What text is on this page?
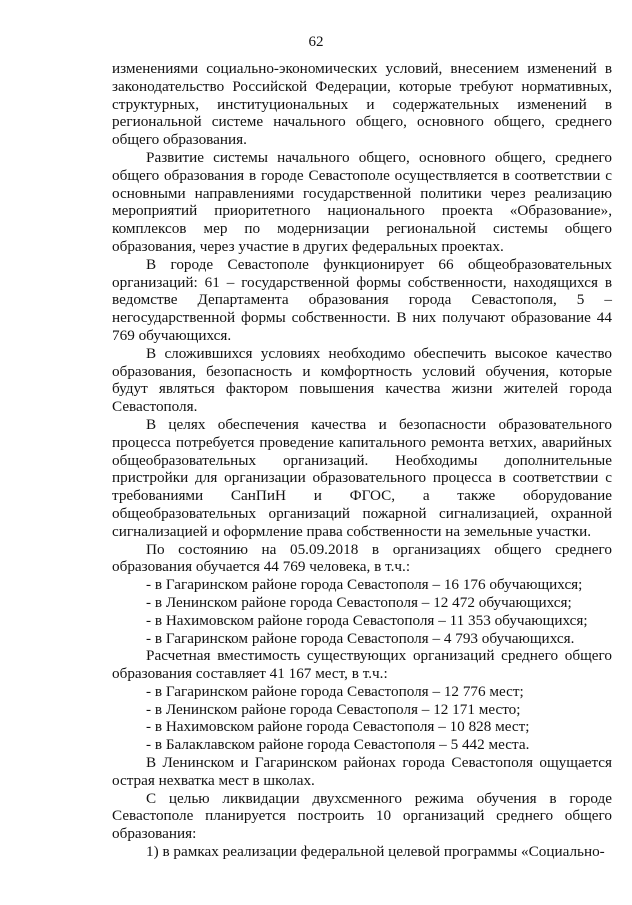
62

изменениями социально-экономических условий, внесением изменений в законодательство Российской Федерации, которые требуют нормативных, структурных, институциональных и содержательных изменений в региональной системе начального общего, основного общего, среднего общего образования.

Развитие системы начального общего, основного общего, среднего общего образования в городе Севастополе осуществляется в соответствии с основными направлениями государственной политики через реализацию мероприятий приоритетного национального проекта «Образование», комплексов мер по модернизации региональной системы общего образования, через участие в других федеральных проектах.

В городе Севастополе функционирует 66 общеобразовательных организаций: 61 – государственной формы собственности, находящихся в ведомстве Департамента образования города Севастополя, 5 – негосударственной формы собственности. В них получают образование 44 769 обучающихся.

В сложившихся условиях необходимо обеспечить высокое качество образования, безопасность и комфортность условий обучения, которые будут являться фактором повышения качества жизни жителей города Севастополя.

В целях обеспечения качества и безопасности образовательного процесса потребуется проведение капитального ремонта ветхих, аварийных общеобразовательных организаций. Необходимы дополнительные пристройки для организации образовательного процесса в соответствии с требованиями СанПиН и ФГОС, а также оборудование общеобразовательных организаций пожарной сигнализацией, охранной сигнализацией и оформление права собственности на земельные участки.

По состоянию на 05.09.2018 в организациях общего среднего образования обучается 44 769 человека, в т.ч.:

- в Гагаринском районе города Севастополя – 16 176 обучающихся;

- в Ленинском районе города Севастополя – 12 472 обучающихся;

- в Нахимовском районе города Севастополя – 11 353 обучающихся;

- в Гагаринском районе города Севастополя – 4 793 обучающихся.

Расчетная вместимость существующих организаций среднего общего образования составляет 41 167 мест, в т.ч.:

- в Гагаринском районе города Севастополя – 12 776 мест;

- в Ленинском районе города Севастополя – 12 171 место;

- в Нахимовском районе города Севастополя – 10 828 мест;

- в Балаклавском районе города Севастополя – 5 442 места.

В Ленинском и Гагаринском районах города Севастополя ощущается острая нехватка мест в школах.

С целью ликвидации двухсменного режима обучения в городе Севастополе планируется построить 10 организаций среднего общего образования:

1) в рамках реализации федеральной целевой программы «Социально-
